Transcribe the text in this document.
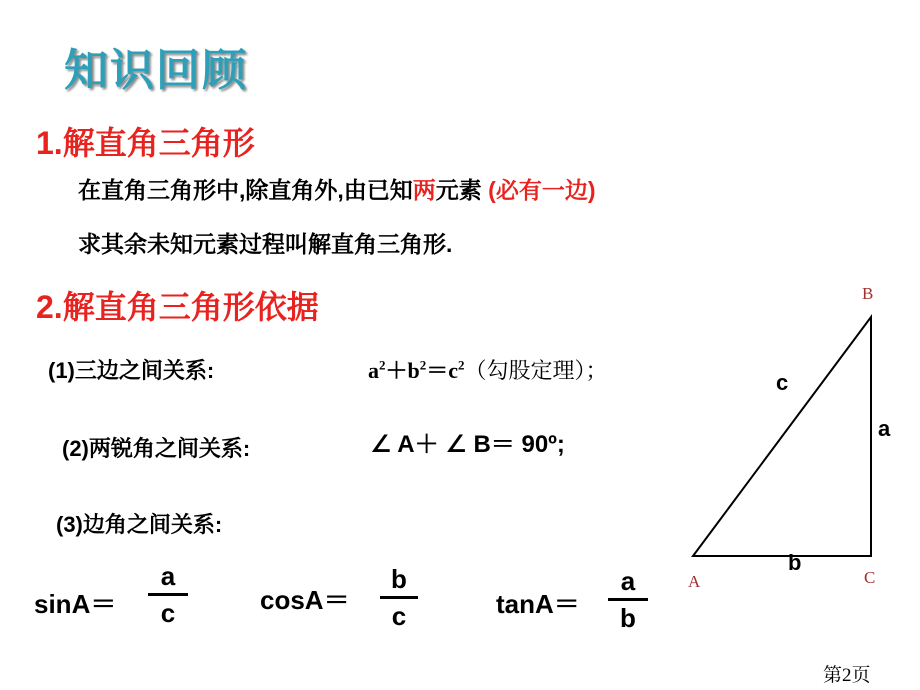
知识回顾
1.解直角三角形
在直角三角形中,除直角外,由已知两元素 (必有一边)
求其余未知元素过程叫解直角三角形.
2.解直角三角形依据
(1)三边之间关系:	$a^2+b^2=c^2$（勾股定理）；
(2)两锐角之间关系:	∠ A＋ ∠ B＝ 90º;
(3)边角之间关系:
sinA＝
a
c	cosA＝
b
c	tanA＝
a
b
B
A	C
c
a
b
第2页
